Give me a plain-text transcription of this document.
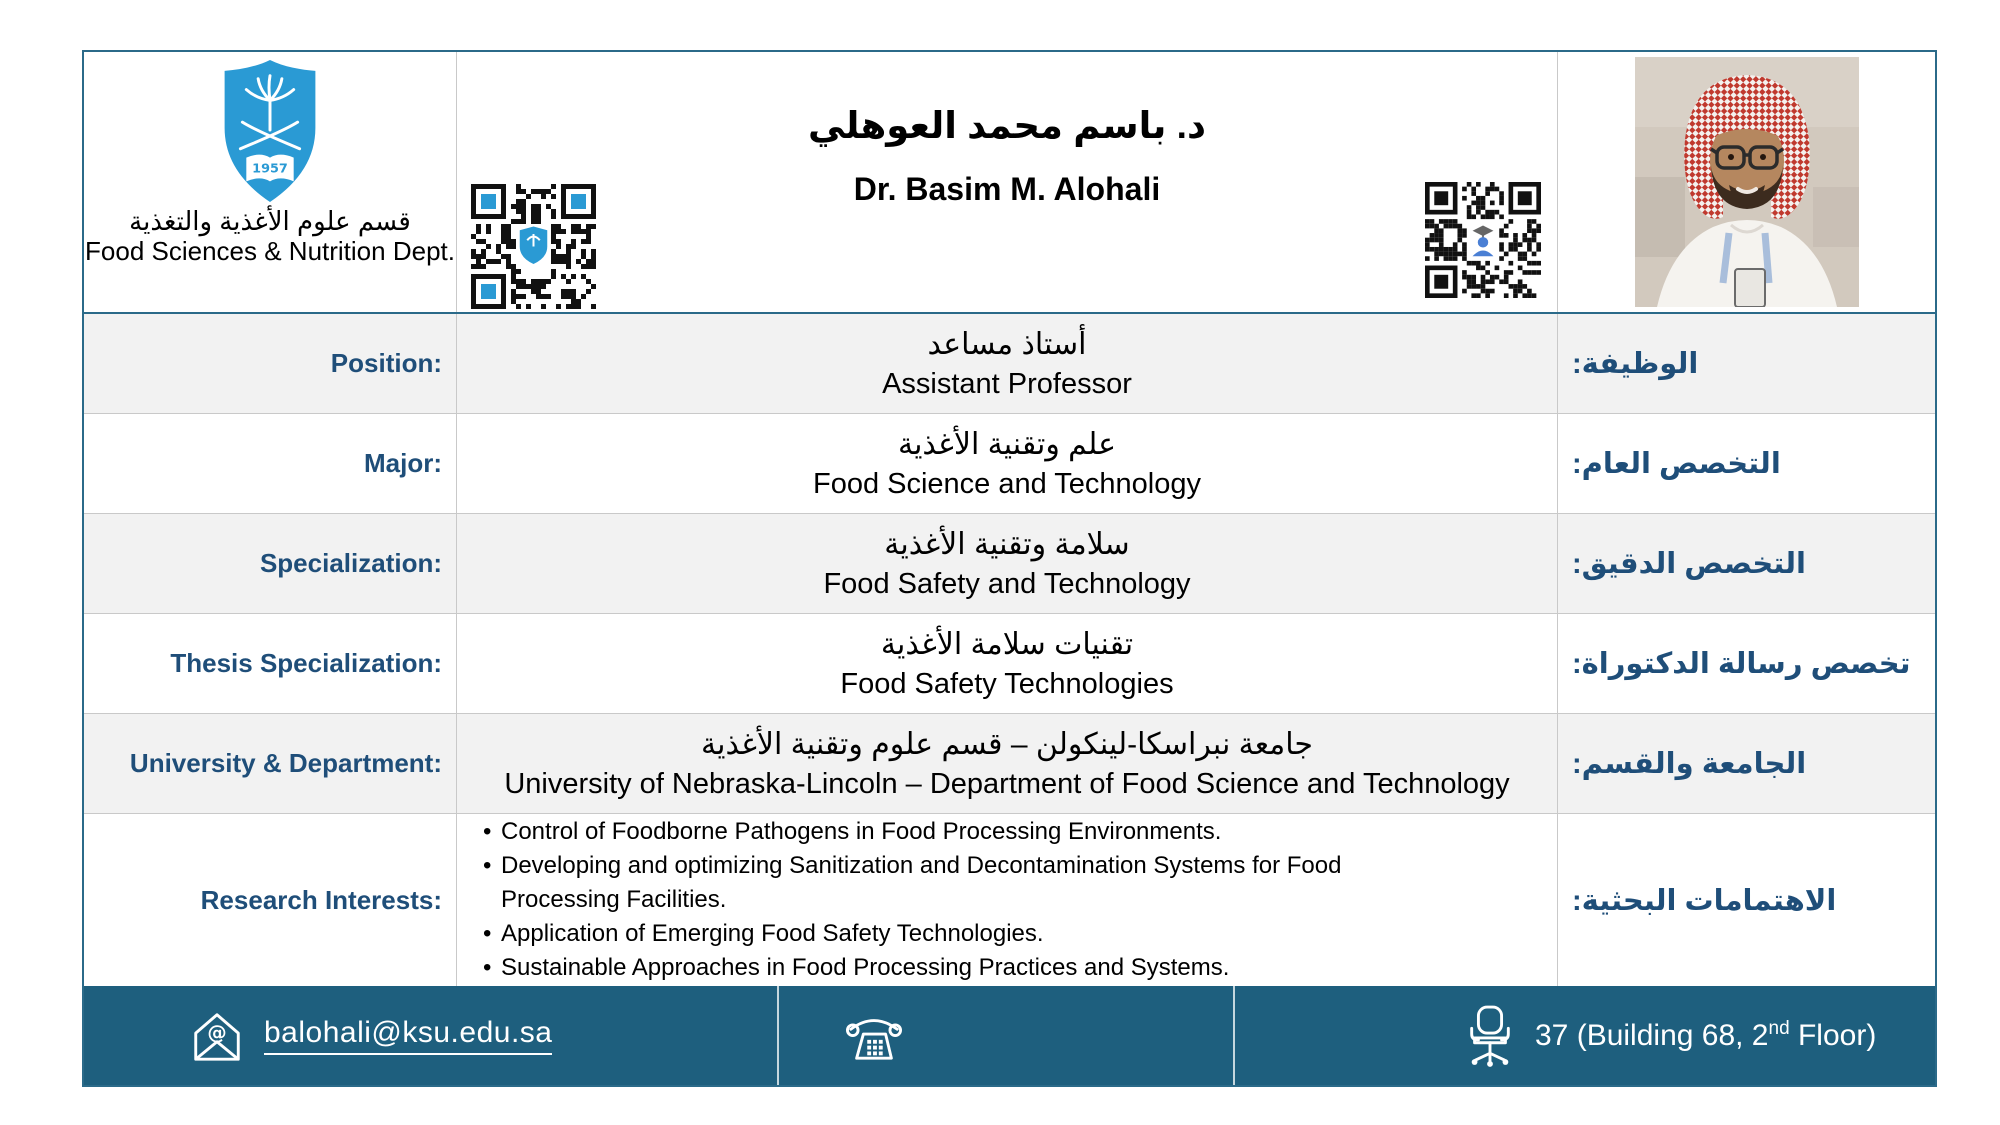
1957
قسم علوم الأغذية والتغذية
Food Sciences & Nutrition Dept.
د. باسم محمد العوهلي
Dr. Basim M. Alohali
Position:
أستاذ مساعد
Assistant Professor
الوظيفة:
Major:
علم وتقنية الأغذية
Food Science and Technology
التخصص العام:
Specialization:
سلامة وتقنية الأغذية
Food Safety and Technology
التخصص الدقيق:
Thesis Specialization:
تقنيات سلامة الأغذية
Food Safety Technologies
تخصص رسالة الدكتوراة:
University & Department:
جامعة نبراسكا-لينكولن – قسم علوم وتقنية الأغذية
University of Nebraska-Lincoln – Department of Food Science and Technology
الجامعة والقسم:
Research Interests:
• Control of Foodborne Pathogens in Food Processing Environments.
• Developing and optimizing Sanitization and Decontamination Systems for Food Processing Facilities.
• Application of Emerging Food Safety Technologies.
• Sustainable Approaches in Food Processing Practices and Systems.
الاهتمامات البحثية:
@ balohali@ksu.edu.sa	37 (Building 68, 2nd Floor)
